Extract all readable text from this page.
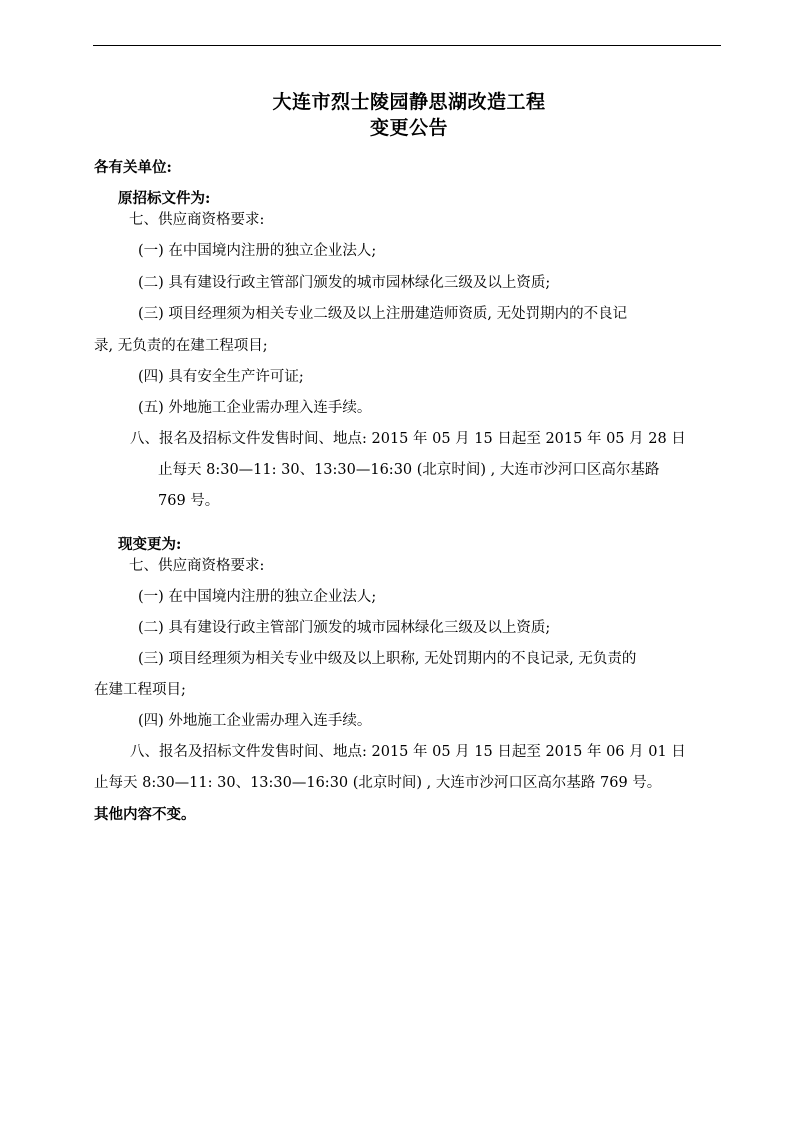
大连市烈士陵园静思湖改造工程
变更公告
各有关单位:
原招标文件为:
七、供应商资格要求:
(一) 在中国境内注册的独立企业法人;
(二) 具有建设行政主管部门颁发的城市园林绿化三级及以上资质;
(三) 项目经理须为相关专业二级及以上注册建造师资质, 无处罚期内的不良记
录, 无负责的在建工程项目;
(四) 具有安全生产许可证;
(五) 外地施工企业需办理入连手续。
八、报名及招标文件发售时间、地点: 2015 年 05 月 15 日起至 2015 年 05 月 28 日
止每天 8:30—11: 30、13:30—16:30 (北京时间) , 大连市沙河口区高尔基路
769 号。
现变更为:
七、供应商资格要求:
(一) 在中国境内注册的独立企业法人;
(二) 具有建设行政主管部门颁发的城市园林绿化三级及以上资质;
(三) 项目经理须为相关专业中级及以上职称, 无处罚期内的不良记录, 无负责的
在建工程项目;
(四) 外地施工企业需办理入连手续。
八、报名及招标文件发售时间、地点: 2015 年 05 月 15 日起至 2015 年 06 月 01 日
止每天 8:30—11: 30、13:30—16:30 (北京时间) , 大连市沙河口区高尔基路 769 号。
其他内容不变。
